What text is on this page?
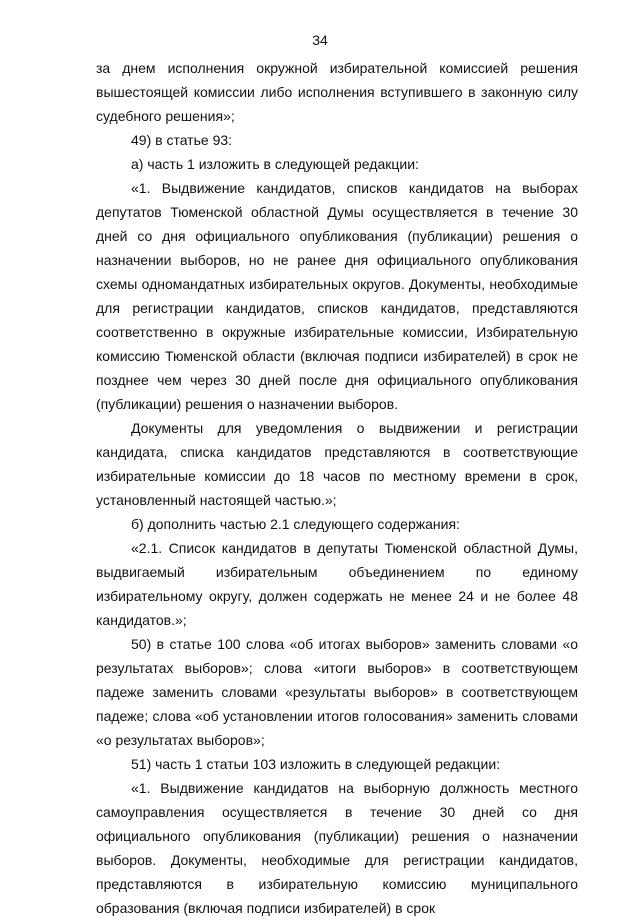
34

за днем исполнения окружной избирательной комиссией решения вышестоящей комиссии либо исполнения вступившего в законную силу судебного решения»;

49) в статье 93:

а) часть 1 изложить в следующей редакции:

«1. Выдвижение кандидатов, списков кандидатов на выборах депутатов Тюменской областной Думы осуществляется в течение 30 дней со дня официального опубликования (публикации) решения о назначении выборов, но не ранее дня официального опубликования схемы одномандатных избирательных округов. Документы, необходимые для регистрации кандидатов, списков кандидатов, представляются соответственно в окружные избирательные комиссии, Избирательную комиссию Тюменской области (включая подписи избирателей) в срок не позднее чем через 30 дней после дня официального опубликования (публикации) решения о назначении выборов.

Документы для уведомления о выдвижении и регистрации кандидата, списка кандидатов представляются в соответствующие избирательные комиссии до 18 часов по местному времени в срок, установленный настоящей частью.»;

б) дополнить частью 2.1 следующего содержания:

«2.1. Список кандидатов в депутаты Тюменской областной Думы, выдвигаемый избирательным объединением по единому избирательному округу, должен содержать не менее 24 и не более 48 кандидатов.»;

50) в статье 100 слова «об итогах выборов» заменить словами «о результатах выборов»; слова «итоги выборов» в соответствующем падеже заменить словами «результаты выборов» в соответствующем падеже; слова «об установлении итогов голосования» заменить словами «о результатах выборов»;

51) часть 1 статьи 103 изложить в следующей редакции:

«1. Выдвижение кандидатов на выборную должность местного самоуправления осуществляется в течение 30 дней со дня официального опубликования (публикации) решения о назначении выборов. Документы, необходимые для регистрации кандидатов, представляются в избирательную комиссию муниципального образования (включая подписи избирателей) в срок
